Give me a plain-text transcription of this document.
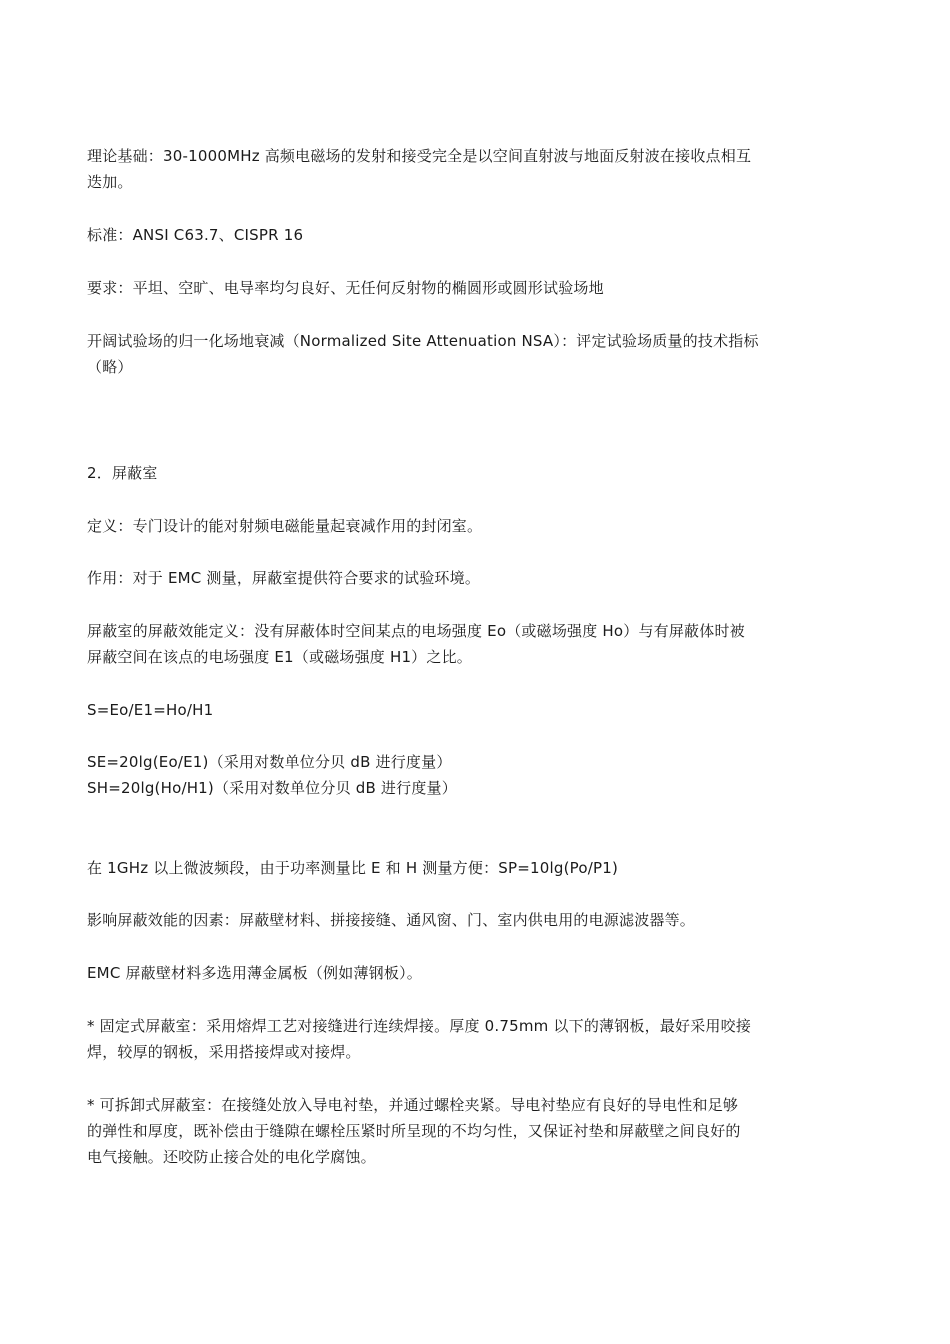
理论基础：30-1000MHz 高频电磁场的发射和接受完全是以空间直射波与地面反射波在接收点相互
迭加。
标准：ANSI C63.7、CISPR 16
要求：平坦、空旷、电导率均匀良好、无任何反射物的椭圆形或圆形试验场地
开阔试验场的归一化场地衰减（Normalized Site Attenuation NSA）：评定试验场质量的技术指标
（略）
2．屏蔽室
定义：专门设计的能对射频电磁能量起衰减作用的封闭室。
作用：对于 EMC 测量，屏蔽室提供符合要求的试验环境。
屏蔽室的屏蔽效能定义：没有屏蔽体时空间某点的电场强度 Eo（或磁场强度 Ho）与有屏蔽体时被
屏蔽空间在该点的电场强度 E1（或磁场强度 H1）之比。
S=Eo/E1=Ho/H1
SE=20lg(Eo/E1)（采用对数单位分贝 dB 进行度量）
SH=20lg(Ho/H1)（采用对数单位分贝 dB 进行度量）
在 1GHz 以上微波频段，由于功率测量比 E 和 H 测量方便：SP=10lg(Po/P1)
影响屏蔽效能的因素：屏蔽壁材料、拼接接缝、通风窗、门、室内供电用的电源滤波器等。
EMC 屏蔽壁材料多选用薄金属板（例如薄钢板）。
* 固定式屏蔽室：采用熔焊工艺对接缝进行连续焊接。厚度 0.75mm 以下的薄钢板，最好采用咬接
焊，较厚的钢板，采用搭接焊或对接焊。
* 可拆卸式屏蔽室：在接缝处放入导电衬垫，并通过螺栓夹紧。导电衬垫应有良好的导电性和足够
的弹性和厚度，既补偿由于缝隙在螺栓压紧时所呈现的不均匀性，又保证衬垫和屏蔽壁之间良好的
电气接触。还咬防止接合处的电化学腐蚀。
